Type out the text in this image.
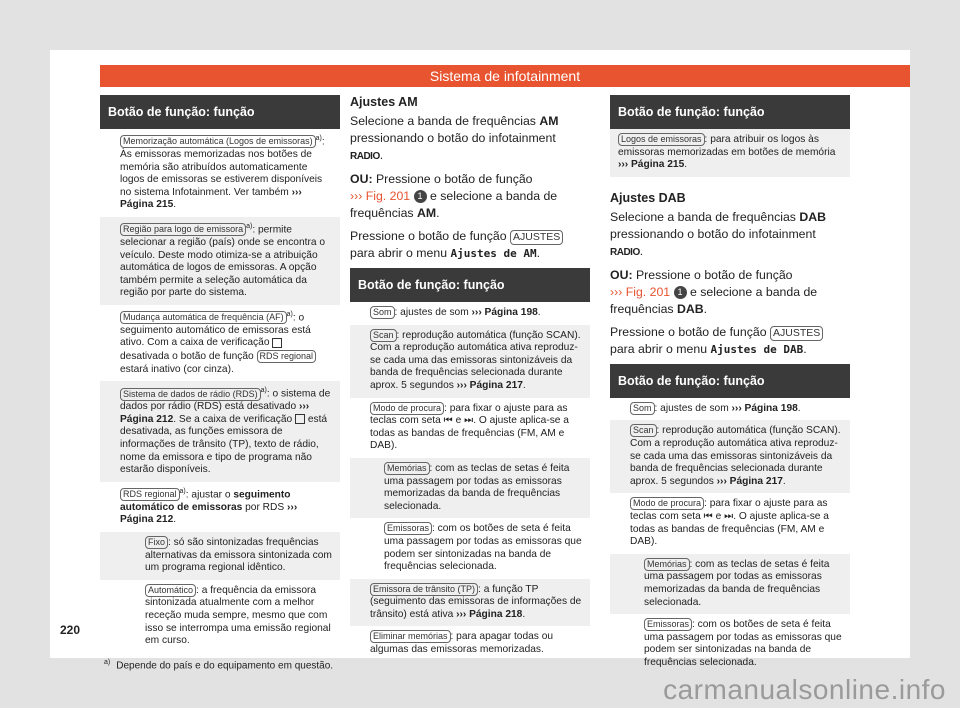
Sistema de infotainment
Botão de função: função
Memorização automática (Logos de emissoras) $^{a)}$: Às emissoras memorizadas nos botões de memória são atribuídos automaticamente logos de emissoras se estiverem disponíveis no sistema Infotainment. Ver também ››› Página 215.
Região para logo de emissora $^{a)}$: permite selecionar a região (país) onde se encontra o veículo. Deste modo otimiza-se a atribuição automática de logos de emissoras. A opção também permite a seleção automática da região por parte do sistema.
Mudança automática de frequência (AF) $^{a)}$: o seguimento automático de emissoras está ativo. Com a caixa de verificação  desativada o botão de função RDS regional estará inativo (cor cinza).
Sistema de dados de rádio (RDS) $^{a)}$: o sistema de dados por rádio (RDS) está desativado ››› Página 212. Se a caixa de verificação  está desativada, as funções emissora de informações de trânsito (TP), texto de rádio, nome da emissora e tipo de programa não estarão disponíveis.
RDS regional $^{a)}$: ajustar o seguimento automático de emissoras por RDS ››› Página 212.
Fixo : só são sintonizadas frequências alternativas da emissora sintonizada com um programa regional idêntico.
Automático : a frequência da emissora sintonizada atualmente com a melhor receção muda sempre, mesmo que com isso se interrompa uma emissão regional em curso.
$^{a)}$ Depende do país e do equipamento em questão.
Ajustes AM

Selecione a banda de frequências AM pressionando o botão do infotainment RADIO.

OU: Pressione o botão de função
››› Fig. 201 1 e selecione a banda de frequências AM.

Pressione o botão de função AJUSTES para abrir o menu Ajustes de AM.

Botão de função: função
Som : ajustes de som ››› Página 198.
Scan : reprodução automática (função SCAN). Com a reprodução automática ativa reproduz-se cada uma das emissoras sintonizáveis da banda de frequências selecionada durante aprox. 5 segundos ››› Página 217.
Modo de procura : para fixar o ajuste para as teclas com seta ⏮ e ⏭. O ajuste aplica-se a todas as bandas de frequências (FM, AM e DAB).
Memórias : com as teclas de setas é feita uma passagem por todas as emissoras memorizadas da banda de frequências selecionada.
Emissoras : com os botões de seta é feita uma passagem por todas as emissoras que podem ser sintonizadas na banda de frequências selecionada.
Emissora de trânsito (TP) : a função TP (seguimento das emissoras de informações de trânsito) está ativa ››› Página 218.
Eliminar memórias : para apagar todas ou algumas das emissoras memorizadas.
Botão de função: função
Logos de emissoras : para atribuir os logos às emissoras memorizadas em botões de memória ››› Página 215.
Ajustes DAB

Selecione a banda de frequências DAB pressionando o botão do infotainment RADIO.

OU: Pressione o botão de função
››› Fig. 201 1 e selecione a banda de frequências DAB.

Pressione o botão de função AJUSTES para abrir o menu Ajustes de DAB.

Botão de função: função
Som : ajustes de som ››› Página 198.
Scan : reprodução automática (função SCAN). Com a reprodução automática ativa reproduz-se cada uma das emissoras sintonizáveis da banda de frequências selecionada durante aprox. 5 segundos ››› Página 217.
Modo de procura : para fixar o ajuste para as teclas com seta ⏮ e ⏭. O ajuste aplica-se a todas as bandas de frequências (FM, AM e DAB).
Memórias : com as teclas de setas é feita uma passagem por todas as emissoras memorizadas da banda de frequências selecionada.
Emissoras : com os botões de seta é feita uma passagem por todas as emissoras que podem ser sintonizadas na banda de frequências selecionada.
220
carmanualsonline.info
